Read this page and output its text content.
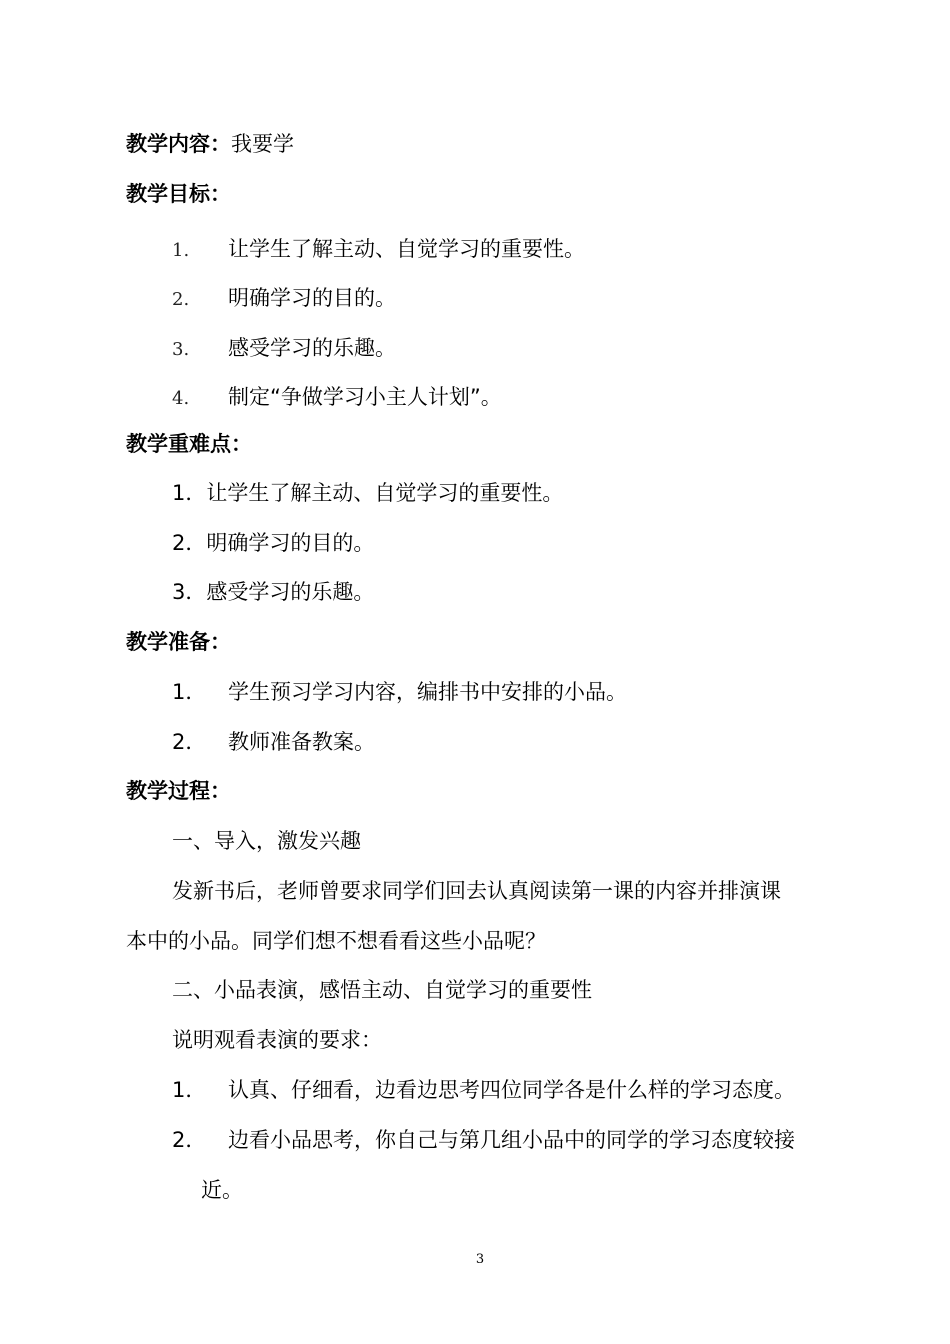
教学内容：我要学
教学目标：
1. 让学生了解主动、自觉学习的重要性。
2. 明确学习的目的。
3. 感受学习的乐趣。
4. 制定“争做学习小主人计划”。
教学重难点：
1．让学生了解主动、自觉学习的重要性。
2．明确学习的目的。
3．感受学习的乐趣。
教学准备：
1． 学生预习学习内容，编排书中安排的小品。
2． 教师准备教案。
教学过程：
一、导入，激发兴趣
发新书后，老师曾要求同学们回去认真阅读第一课的内容并排演课
本中的小品。同学们想不想看看这些小品呢？
二、小品表演，感悟主动、自觉学习的重要性
说明观看表演的要求：
1． 认真、仔细看，边看边思考四位同学各是什么样的学习态度。
2． 边看小品思考，你自己与第几组小品中的同学的学习态度较接
近。
3
